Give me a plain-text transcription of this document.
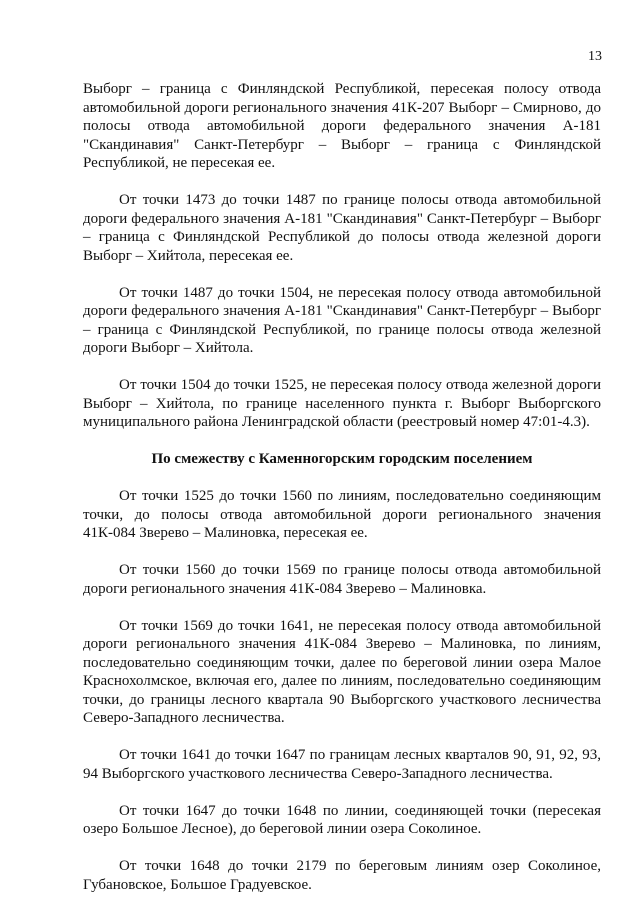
13

Выборг – граница с Финляндской Республикой, пересекая полосу отвода автомобильной дороги регионального значения 41К-207 Выборг – Смирново, до полосы отвода автомобильной дороги федерального значения А-181 "Скандинавия" Санкт-Петербург – Выборг – граница с Финляндской Республикой, не пересекая ее.

От точки 1473 до точки 1487 по границе полосы отвода автомобильной дороги федерального значения А-181 "Скандинавия" Санкт-Петербург – Выборг – граница с Финляндской Республикой до полосы отвода железной дороги Выборг – Хийтола, пересекая ее.

От точки 1487 до точки 1504, не пересекая полосу отвода автомобильной дороги федерального значения А-181 "Скандинавия" Санкт-Петербург – Выборг – граница с Финляндской Республикой, по границе полосы отвода железной дороги Выборг – Хийтола.

От точки 1504 до точки 1525, не пересекая полосу отвода железной дороги Выборг – Хийтола, по границе населенного пункта г. Выборг Выборгского муниципального района Ленинградской области (реестровый номер 47:01-4.3).

По смежеству с Каменногорским городским поселением

От точки 1525 до точки 1560 по линиям, последовательно соединяющим точки, до полосы отвода автомобильной дороги регионального значения 41К-084 Зверево – Малиновка, пересекая ее.

От точки 1560 до точки 1569 по границе полосы отвода автомобильной дороги регионального значения 41К-084 Зверево – Малиновка.

От точки 1569 до точки 1641, не пересекая полосу отвода автомобильной дороги регионального значения 41К-084 Зверево – Малиновка, по линиям, последовательно соединяющим точки, далее по береговой линии озера Малое Краснохолмское, включая его, далее по линиям, последовательно соединяющим точки, до границы лесного квартала 90 Выборгского участкового лесничества Северо-Западного лесничества.

От точки 1641 до точки 1647 по границам лесных кварталов 90, 91, 92, 93, 94 Выборгского участкового лесничества Северо-Западного лесничества.

От точки 1647 до точки 1648 по линии, соединяющей точки (пересекая озеро Большое Лесное), до береговой линии озера Соколиное.

От точки 1648 до точки 2179 по береговым линиям озер Соколиное, Губановское, Большое Градуевское.
